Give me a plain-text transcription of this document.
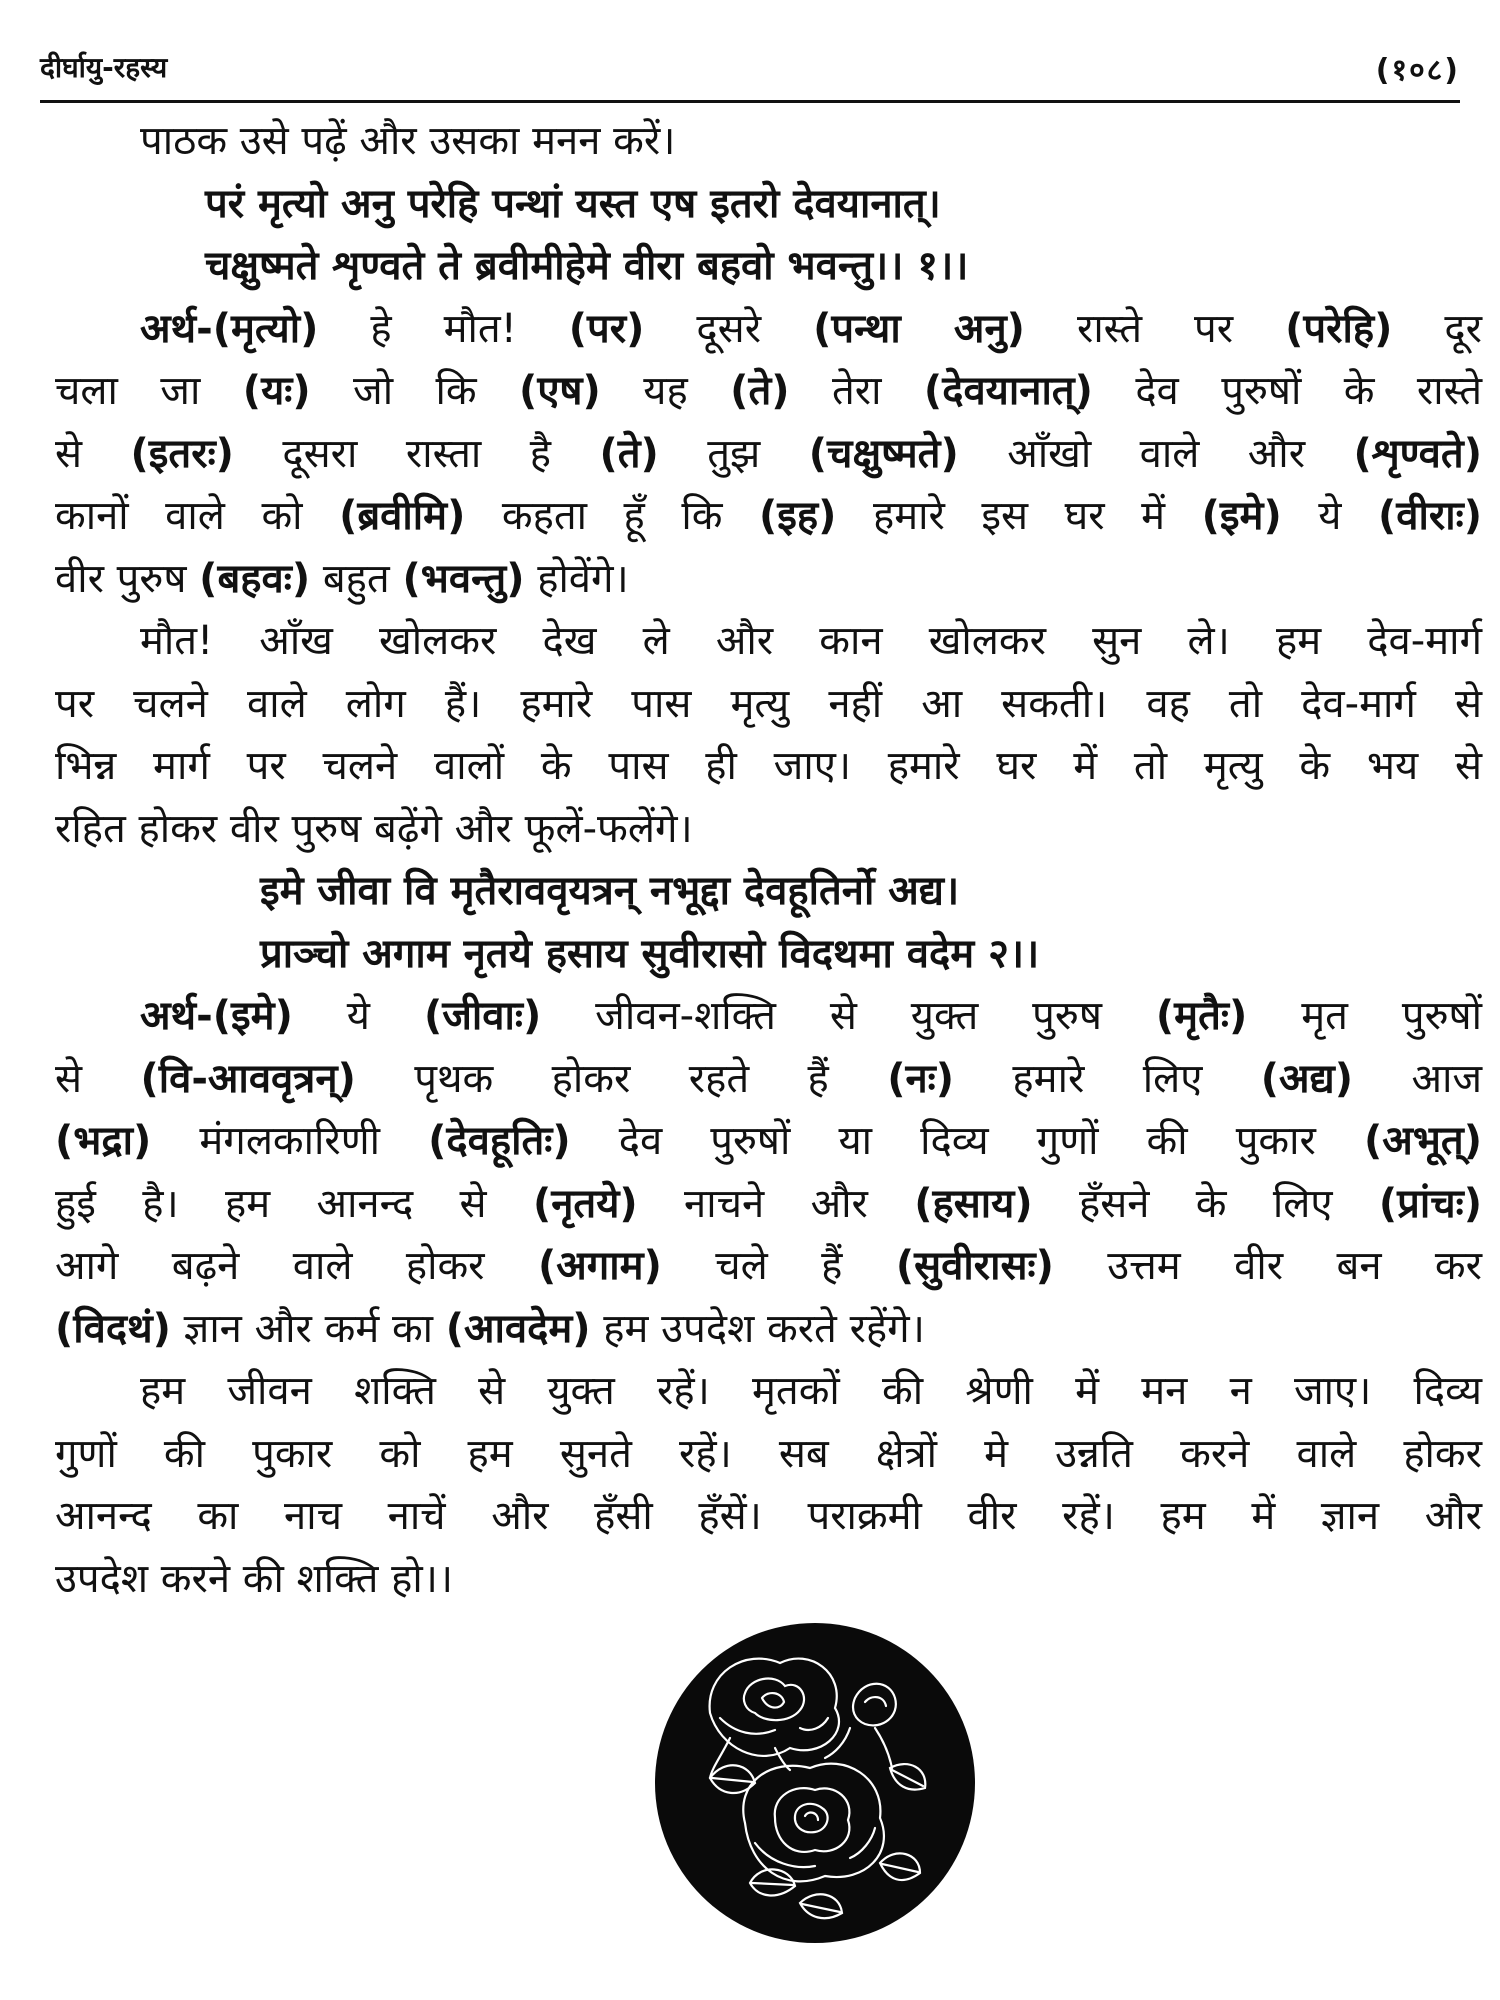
दीर्घायु-रहस्य	(१०८)
पाठक उसे पढ़ें और उसका मनन करें।
परं मृत्यो अनु परेहि पन्थां यस्त एष इतरो देवयानात्।
चक्षुष्मते शृण्वते ते ब्रवीमीहेमे वीरा बहवो भवन्तु।। १।।
अर्थ-(मृत्यो) हे मौत! (पर) दूसरे (पन्था अनु) रास्ते पर (परेहि) दूर
चला जा (यः) जो कि (एष) यह (ते) तेरा (देवयानात्) देव पुरुषों के रास्ते
से (इतरः) दूसरा रास्ता है (ते) तुझ (चक्षुष्मते) आँखो वाले और (शृण्वते)
कानों वाले को (ब्रवीमि) कहता हूँ कि (इह) हमारे इस घर में (इमे) ये (वीराः)
वीर पुरुष (बहवः) बहुत (भवन्तु) होवेंगे।
मौत! आँख खोलकर देख ले और कान खोलकर सुन ले। हम देव-मार्ग
पर चलने वाले लोग हैं। हमारे पास मृत्यु नहीं आ सकती। वह तो देव-मार्ग से
भिन्न मार्ग पर चलने वालों के पास ही जाए। हमारे घर में तो मृत्यु के भय से
रहित होकर वीर पुरुष बढ़ेंगे और फूलें-फलेंगे।
इमे जीवा वि मृतैराववृयत्रन् नभूद्दा देवहूतिर्नो अद्य।
प्राञ्चो अगाम नृतये हसाय सुवीरासो विदथमा वदेम २।।
अर्थ-(इमे) ये (जीवाः) जीवन-शक्ति से युक्त पुरुष (मृतैः) मृत पुरुषों
से (वि-आववृत्रन्) पृथक होकर रहते हैं (नः) हमारे लिए (अद्य) आज
(भद्रा) मंगलकारिणी (देवहूतिः) देव पुरुषों या दिव्य गुणों की पुकार (अभूत्)
हुई है। हम आनन्द से (नृतये) नाचने और (हसाय) हँसने के लिए (प्रांचः)
आगे बढ़ने वाले होकर (अगाम) चले हैं (सुवीरासः) उत्तम वीर बन कर
(विदथं) ज्ञान और कर्म का (आवदेम) हम उपदेश करते रहेंगे।
हम जीवन शक्ति से युक्त रहें। मृतकों की श्रेणी में मन न जाए। दिव्य
गुणों की पुकार को हम सुनते रहें। सब क्षेत्रों मे उन्नति करने वाले होकर
आनन्द का नाच नाचें और हँसी हँसें। पराक्रमी वीर रहें। हम में ज्ञान और
उपदेश करने की शक्ति हो।।
